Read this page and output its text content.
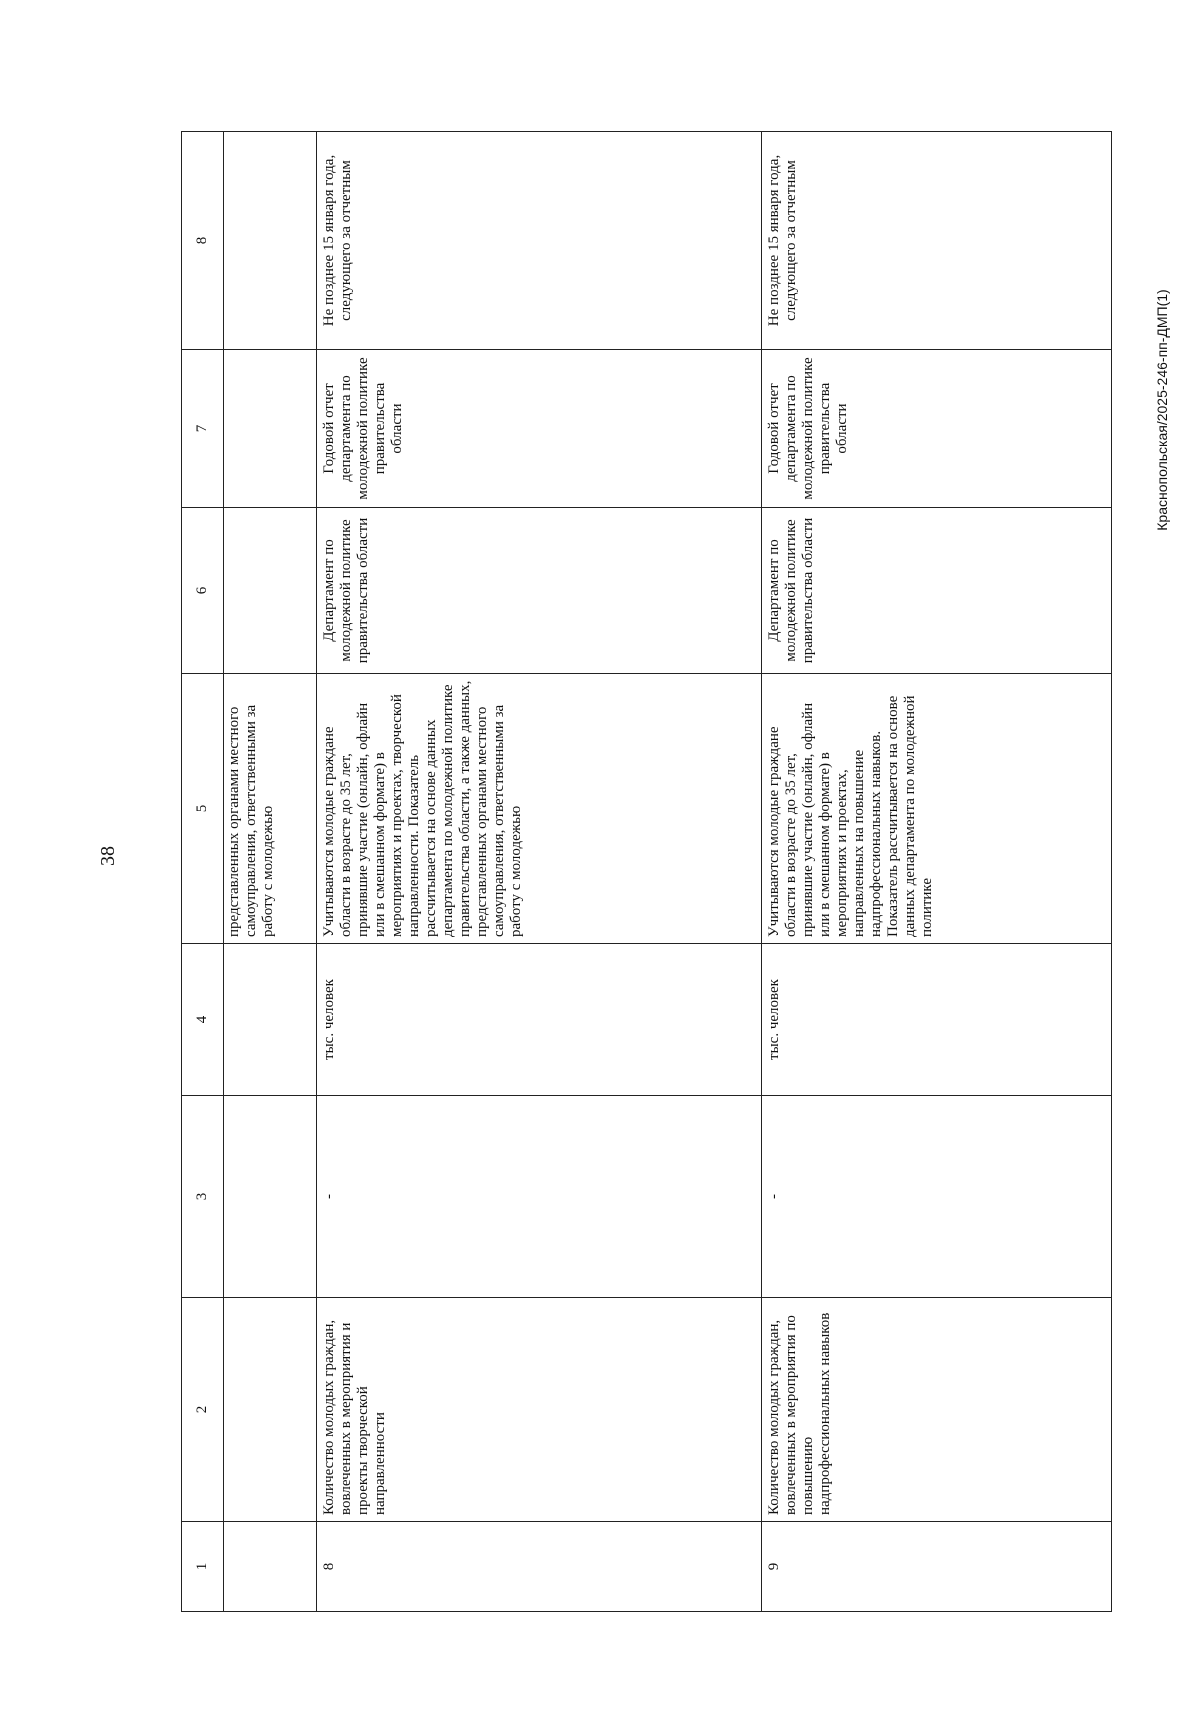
38
Краснопольская/2025-246-пп-ДМП(1)
1	2	3	4	5	6	7	8
				представленных органами местного самоуправления, ответственными за работу с молодежью			
8	Количество молодых граждан, вовлеченных в мероприятия и проекты творческой направленности	-	тыс. человек	Учитываются молодые граждане области в возрасте до 35 лет, принявшие участие (онлайн, офлайн или в смешанном формате) в мероприятиях и проектах, творческой направленности. Показатель рассчитывается на основе данных департамента по молодежной политике правительства области, а также данных, представленных органами местного самоуправления, ответственными за работу с молодежью	Департамент по молодежной политике правительства области	Годовой отчет департамента по молодежной политике правительства области	Не позднее 15 января года, следующего за отчетным
9	Количество молодых граждан, вовлеченных в мероприятия по повышению надпрофессиональных навыков	-	тыс. человек	Учитываются молодые граждане области в возрасте до 35 лет, принявшие участие (онлайн, офлайн или в смешанном формате) в мероприятиях и проектах, направленных на повышение надпрофессиональных навыков. Показатель рассчитывается на основе данных департамента по молодежной политике	Департамент по молодежной политике правительства области	Годовой отчет департамента по молодежной политике правительства области	Не позднее 15 января года, следующего за отчетным
